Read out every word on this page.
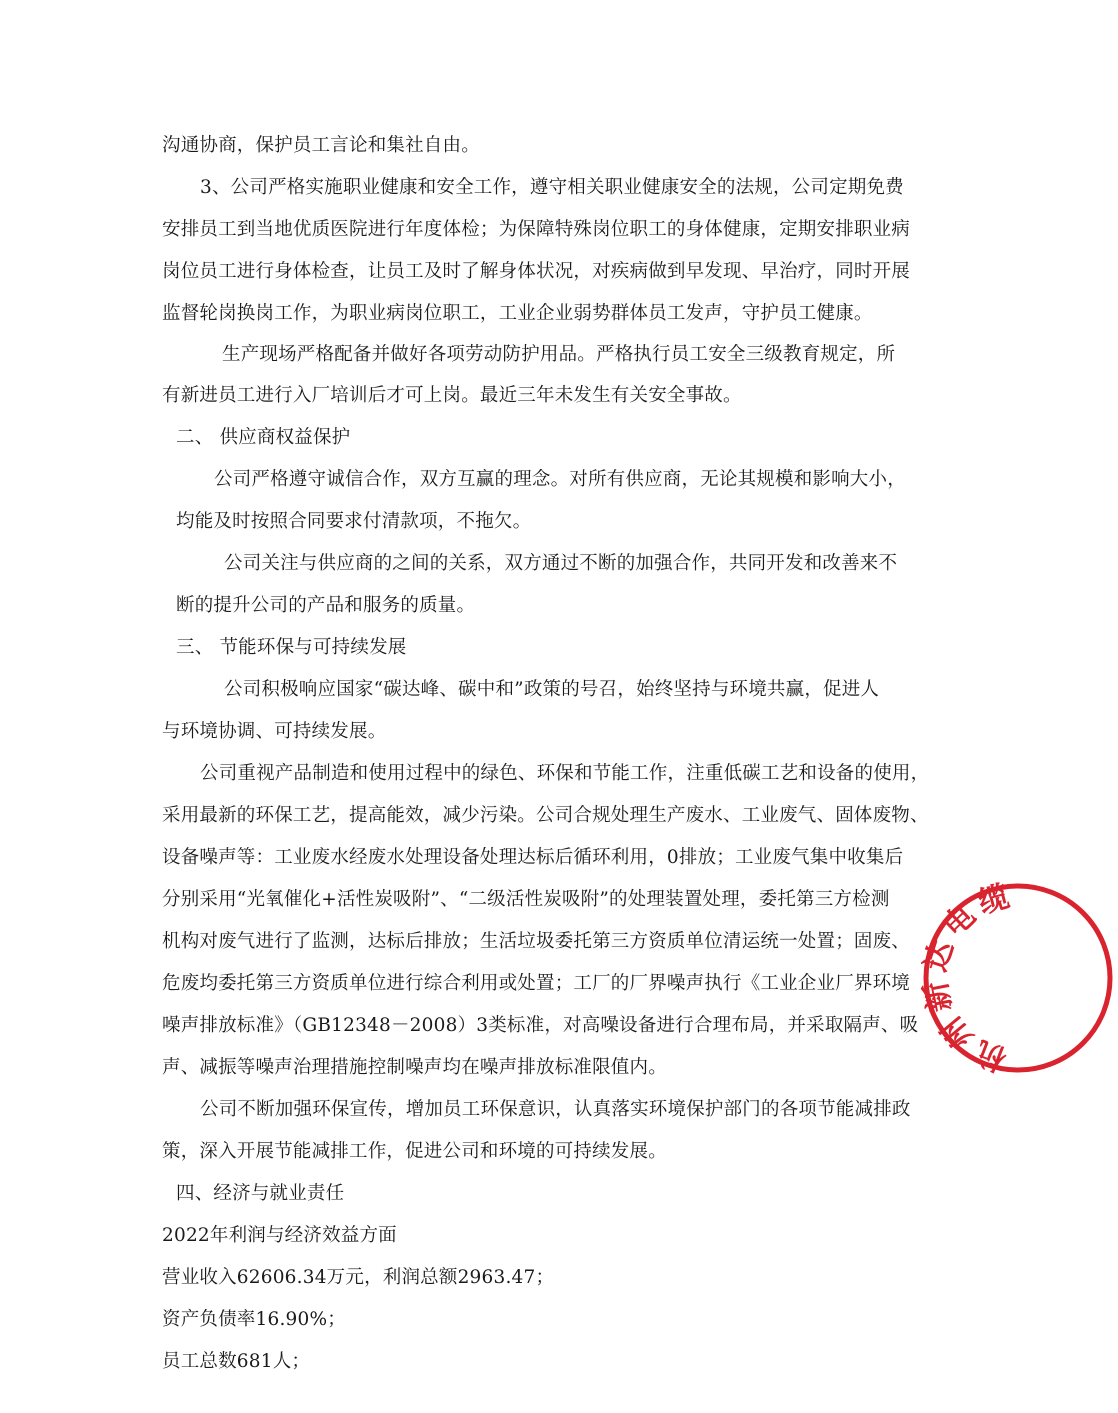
沟通协商，保护员工言论和集社自由。

3、公司严格实施职业健康和安全工作，遵守相关职业健康安全的法规，公司定期免费

安排员工到当地优质医院进行年度体检；为保障特殊岗位职工的身体健康，定期安排职业病

岗位员工进行身体检查，让员工及时了解身体状况，对疾病做到早发现、早治疗，同时开展

监督轮岗换岗工作，为职业病岗位职工，工业企业弱势群体员工发声，守护员工健康。

生产现场严格配备并做好各项劳动防护用品。严格执行员工安全三级教育规定，所

有新进员工进行入厂培训后才可上岗。最近三年未发生有关安全事故。

二、 供应商权益保护

公司严格遵守诚信合作，双方互赢的理念。对所有供应商，无论其规模和影响大小，

均能及时按照合同要求付清款项，不拖欠。

公司关注与供应商的之间的关系，双方通过不断的加强合作，共同开发和改善来不

断的提升公司的产品和服务的质量。

三、 节能环保与可持续发展

公司积极响应国家“碳达峰、碳中和”政策的号召，始终坚持与环境共赢，促进人

与环境协调、可持续发展。

公司重视产品制造和使用过程中的绿色、环保和节能工作，注重低碳工艺和设备的使用，

采用最新的环保工艺，提高能效，减少污染。公司合规处理生产废水、工业废气、固体废物、

设备噪声等：工业废水经废水处理设备处理达标后循环利用，0排放；工业废气集中收集后

分别采用“光氧催化+活性炭吸附”、“二级活性炭吸附”的处理装置处理，委托第三方检测

机构对废气进行了监测，达标后排放；生活垃圾委托第三方资质单位清运统一处置；固废、

危废均委托第三方资质单位进行综合利用或处置；工厂的厂界噪声执行《工业企业厂界环境

噪声排放标准》（GB12348－2008）3类标准，对高噪设备进行合理布局，并采取隔声、吸

声、减振等噪声治理措施控制噪声均在噪声排放标准限值内。

公司不断加强环保宣传，增加员工环保意识，认真落实环境保护部门的各项节能减排政

策，深入开展节能减排工作，促进公司和环境的可持续发展。

四、经济与就业责任

2022年利润与经济效益方面

营业收入62606.34万元，利润总额2963.47；

资产负债率16.90%；

员工总数681人；

杭州新达电缆
